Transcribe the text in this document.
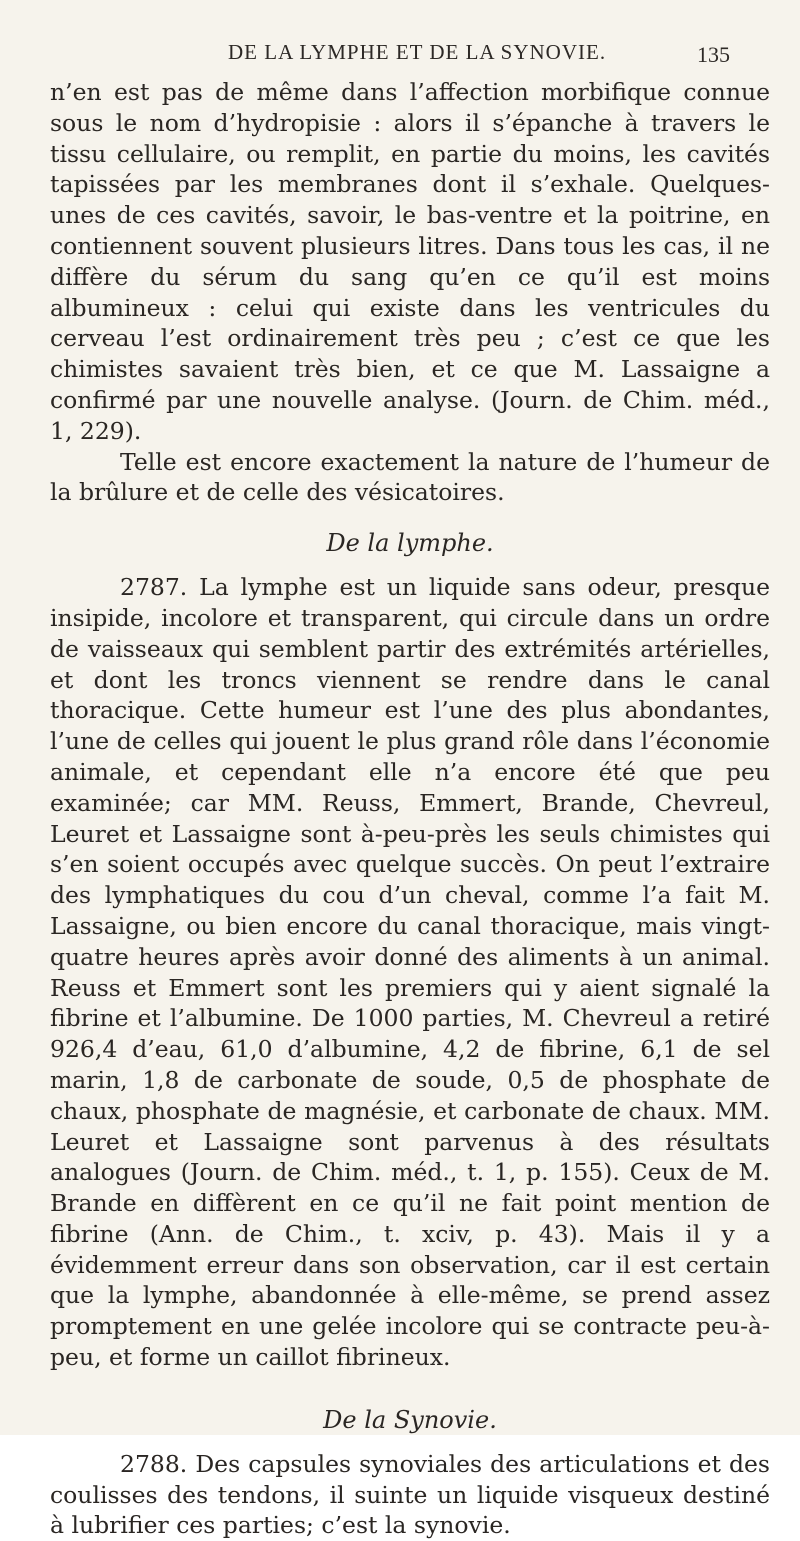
DE LA LYMPHE ET DE LA SYNOVIE.	135

n’en est pas de même dans l’affection morbifique connue sous le nom d’hydropisie : alors il s’épanche à travers le tissu cellulaire, ou remplit, en partie du moins, les cavités tapissées par les membranes dont il s’exhale. Quelques-unes de ces cavités, savoir, le bas-ventre et la poitrine, en contiennent souvent plusieurs litres. Dans tous les cas, il ne diffère du sérum du sang qu’en ce qu’il est moins albumineux : celui qui existe dans les ventricules du cerveau l’est ordinairement très peu ; c’est ce que les chimistes savaient très bien, et ce que M. Lassaigne a confirmé par une nouvelle analyse. (Journ. de Chim. méd., 1, 229).

Telle est encore exactement la nature de l’humeur de la brûlure et de celle des vésicatoires.

De la lymphe.

2787. La lymphe est un liquide sans odeur, presque insipide, incolore et transparent, qui circule dans un ordre de vaisseaux qui semblent partir des extrémités artérielles, et dont les troncs viennent se rendre dans le canal thoracique. Cette humeur est l’une des plus abondantes, l’une de celles qui jouent le plus grand rôle dans l’économie animale, et cependant elle n’a encore été que peu examinée; car MM. Reuss, Emmert, Brande, Chevreul, Leuret et Lassaigne sont à-peu-près les seuls chimistes qui s’en soient occupés avec quelque succès. On peut l’extraire des lymphatiques du cou d’un cheval, comme l’a fait M. Lassaigne, ou bien encore du canal thoracique, mais vingt-quatre heures après avoir donné des aliments à un animal. Reuss et Emmert sont les premiers qui y aient signalé la fibrine et l’albumine. De 1000 parties, M. Chevreul a retiré 926,4 d’eau, 61,0 d’albumine, 4,2 de fibrine, 6,1 de sel marin, 1,8 de carbonate de soude, 0,5 de phosphate de chaux, phosphate de magnésie, et carbonate de chaux. MM. Leuret et Lassaigne sont parvenus à des résultats analogues (Journ. de Chim. méd., t. 1, p. 155). Ceux de M. Brande en diffèrent en ce qu’il ne fait point mention de fibrine (Ann. de Chim., t. xciv, p. 43). Mais il y a évidemment erreur dans son observation, car il est certain que la lymphe, abandonnée à elle-même, se prend assez promptement en une gelée incolore qui se contracte peu-à-peu, et forme un caillot fibrineux.

De la Synovie.

2788. Des capsules synoviales des articulations et des coulisses des tendons, il suinte un liquide visqueux destiné à lubrifier ces parties; c’est la synovie.
